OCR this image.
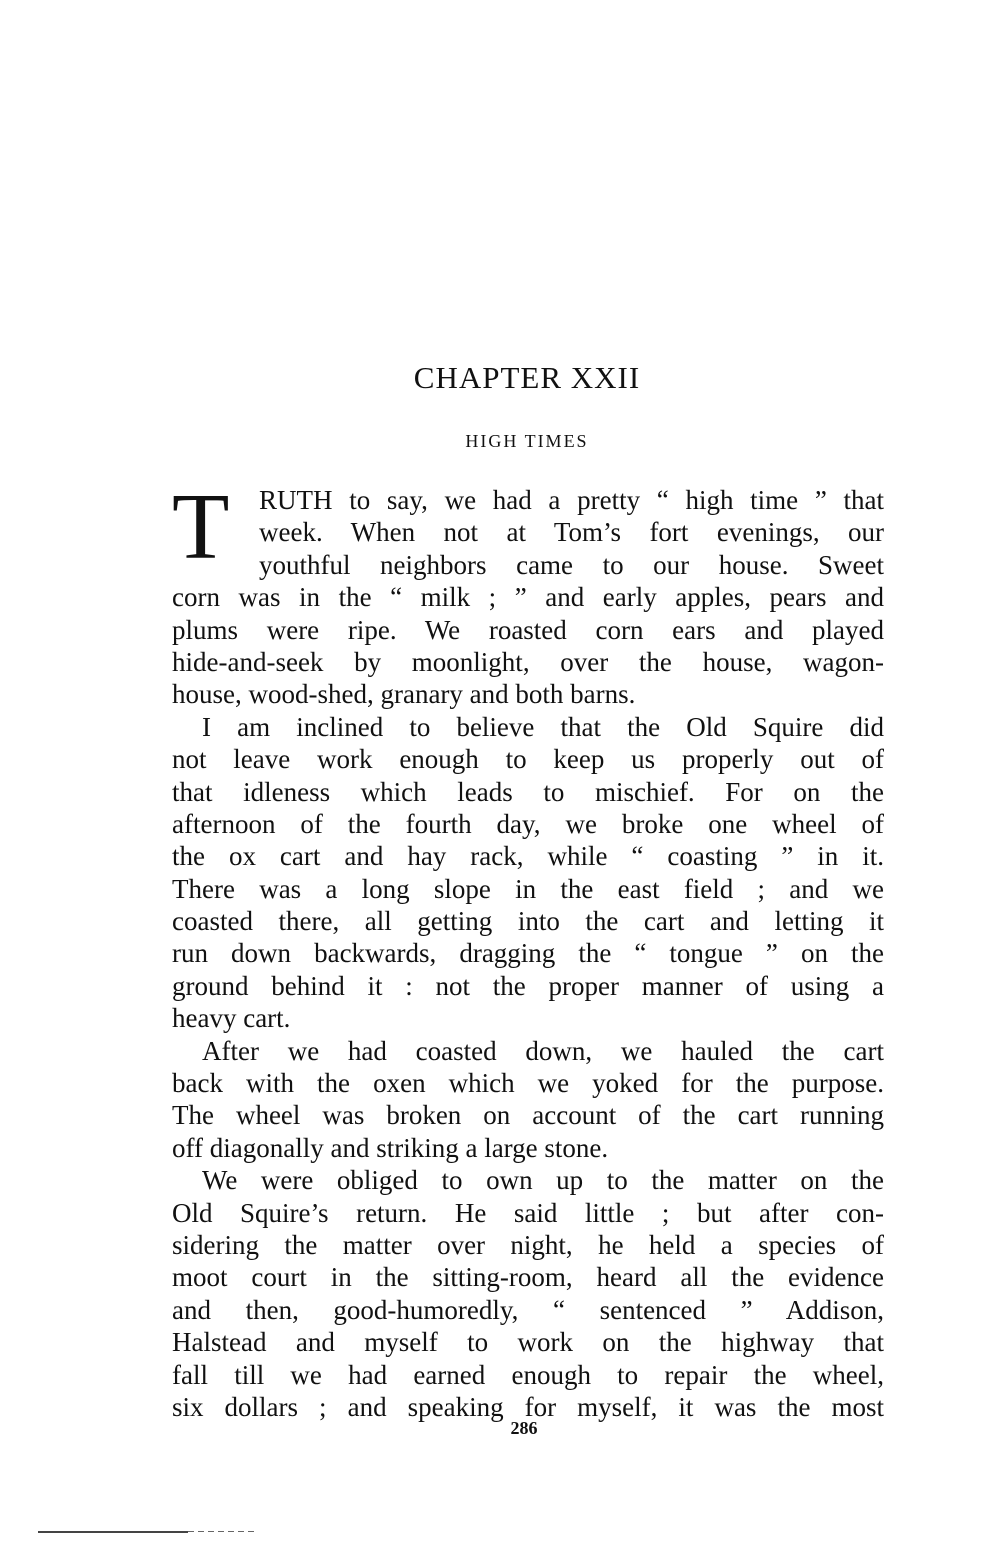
CHAPTER XXII
HIGH TIMES
T	RUTH to say, we had a pretty “ high time ” that
week. When not at Tom’s fort evenings, our
youthful neighbors came to our house. Sweet
corn was in the “ milk ; ” and early apples, pears and
plums were ripe. We roasted corn ears and played
hide-and-seek by moonlight, over the house, wagon-
house, wood-shed, granary and both barns.
I am inclined to believe that the Old Squire did
not leave work enough to keep us properly out of
that idleness which leads to mischief. For on the
afternoon of the fourth day, we broke one wheel of
the ox cart and hay rack, while “ coasting ” in it.
There was a long slope in the east field ; and we
coasted there, all getting into the cart and letting it
run down backwards, dragging the “ tongue ” on the
ground behind it : not the proper manner of using a
heavy cart.
After we had coasted down, we hauled the cart
back with the oxen which we yoked for the purpose.
The wheel was broken on account of the cart running
off diagonally and striking a large stone.
We were obliged to own up to the matter on the
Old Squire’s return. He said little ; but after con-
sidering the matter over night, he held a species of
moot court in the sitting-room, heard all the evidence
and then, good-humoredly, “ sentenced ” Addison,
Halstead and myself to work on the highway that
fall till we had earned enough to repair the wheel,
six dollars ; and speaking for myself, it was the most
286
